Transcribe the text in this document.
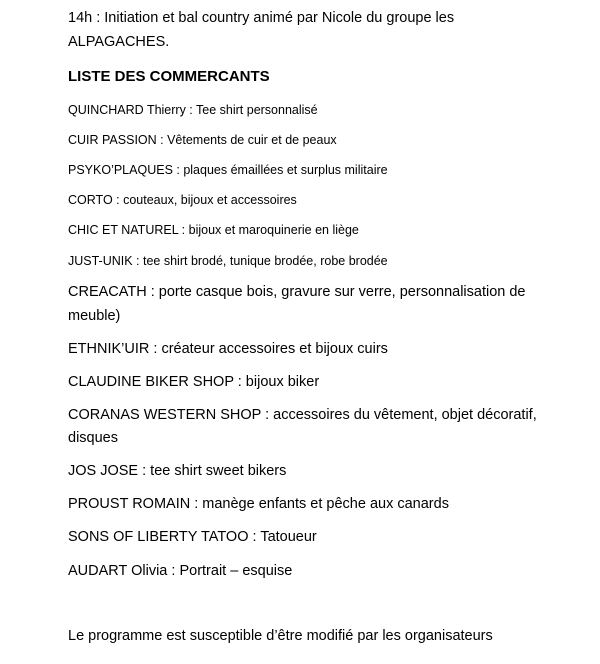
14h : Initiation et bal country animé par Nicole du groupe les
ALPAGACHES.
LISTE DES COMMERCANTS
QUINCHARD Thierry : Tee shirt personnalisé
CUIR PASSION : Vêtements de cuir et de peaux
PSYKO’PLAQUES : plaques émaillées et surplus militaire
CORTO : couteaux, bijoux et accessoires
CHIC ET NATUREL : bijoux et maroquinerie en liège
JUST-UNIK : tee shirt brodé, tunique brodée, robe brodée
CREACATH : porte casque bois, gravure sur verre, personnalisation de
meuble)
ETHNIK’UIR : créateur accessoires et bijoux cuirs
CLAUDINE BIKER SHOP : bijoux biker
CORANAS WESTERN SHOP : accessoires du vêtement, objet décoratif,
disques
JOS JOSE : tee shirt sweet bikers
PROUST ROMAIN : manège enfants et pêche aux canards
SONS OF LIBERTY TATOO : Tatoueur
AUDART Olivia : Portrait – esquise
Le programme est susceptible d’être modifié par les organisateurs
